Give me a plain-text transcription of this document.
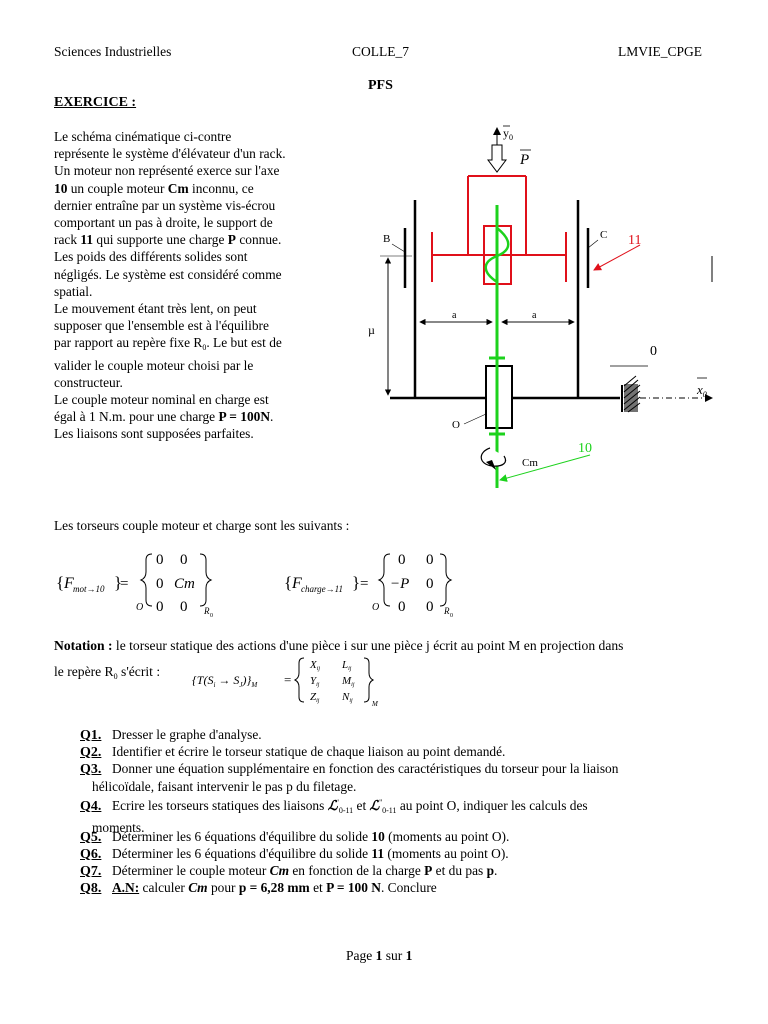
Sciences Industrielles	COLLE_7	LMVIE_CPGE
PFS
EXERCICE :

Le schéma cinématique ci-contre

représente le système d'élévateur d'un rack.

Un moteur non représenté exerce sur l'axe

10 un couple moteur Cm inconnu, ce

dernier entraîne par un système vis-écrou

comportant un pas à droite, le support de

rack 11 qui supporte une charge P connue.

Les poids des différents solides sont

négligés. Le système est considéré comme

spatial.

Le mouvement étant très lent, on peut

supposer que l'ensemble est à l'équilibre

par rapport au repère fixe $R_0$. Le but est de

valider le couple moteur choisi par le

constructeur.

Le couple moteur nominal en charge est

égal à 1 N.m. pour une charge P = 100N.

Les liaisons sont supposées parfaites.

$y_0$
P
11
10
0
$x_0$
a	a
µ
B	C
O
Cm
Les torseurs couple moteur et charge sont les suivants :
{ F mot→10 }
=
O
0 0
0 Cm
0 0 R 0
{ F charge→11 } =
O
0 0
−P 0
0 0 R 0
Notation : le torseur statique des actions d'une pièce i sur une pièce j écrit au point M en projection dans
le repère $R_0$ s'écrit :
$\{T(S_i \to S_J)\}_M$ =
Xij Lij
Yij Mij
Zij Nij	M
Q1. Dresser le graphe d'analyse.
Q2. Identifier et écrire le torseur statique de chaque liaison au point demandé.
Q3. Donner une équation supplémentaire en fonction des caractéristiques du torseur pour la liaison
hélicoïdale, faisant intervenir le pas p du filetage.
Q4. Ecrire les torseurs statiques des liaisons ℒ'$_{0-11}$ et ℒ''$_{0-11}$ au point O, indiquer les calculs des
moments.
Q5. Déterminer les 6 équations d'équilibre du solide 10 (moments au point O).
Q6. Déterminer les 6 équations d'équilibre du solide 11 (moments au point O).
Q7. Déterminer le couple moteur Cm en fonction de la charge P et du pas p.
Q8. A.N: calculer Cm pour p = 6,28 mm et P = 100 N. Conclure
Page 1 sur 1
